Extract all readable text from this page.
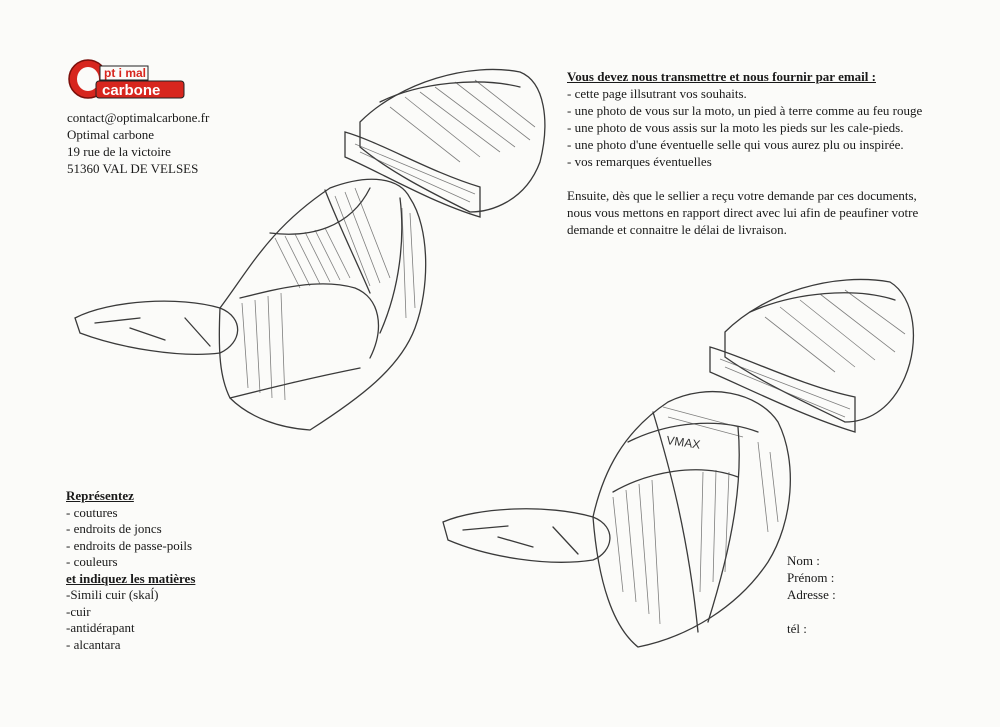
pt i mal
carbone
contact@optimalcarbone.fr
Optimal carbone
19 rue de la victoire
51360 VAL DE VELSES
Vous devez nous transmettre et nous fournir par email :
- cette page illsutrant vos souhaits.
- une photo de vous sur la moto, un pied à terre comme au feu rouge
- une photo de vous assis sur la moto les pieds sur les cale-pieds.
- une photo d'une éventuelle selle qui vous aurez plu ou inspirée.
- vos remarques éventuelles
Ensuite, dès que le sellier a reçu votre demande par ces documents,
nous vous mettons en rapport direct avec lui afin de peaufiner votre
demande et connaitre le délai de livraison.
VMAX
Représentez
- coutures
- endroits de joncs
- endroits de passe-poils
- couleurs
et indiquez les matières
-Simili cuir (skaĺ)
-cuir
-antidérapant
- alcantara
Nom :
Prénom :
Adresse :
tél :
